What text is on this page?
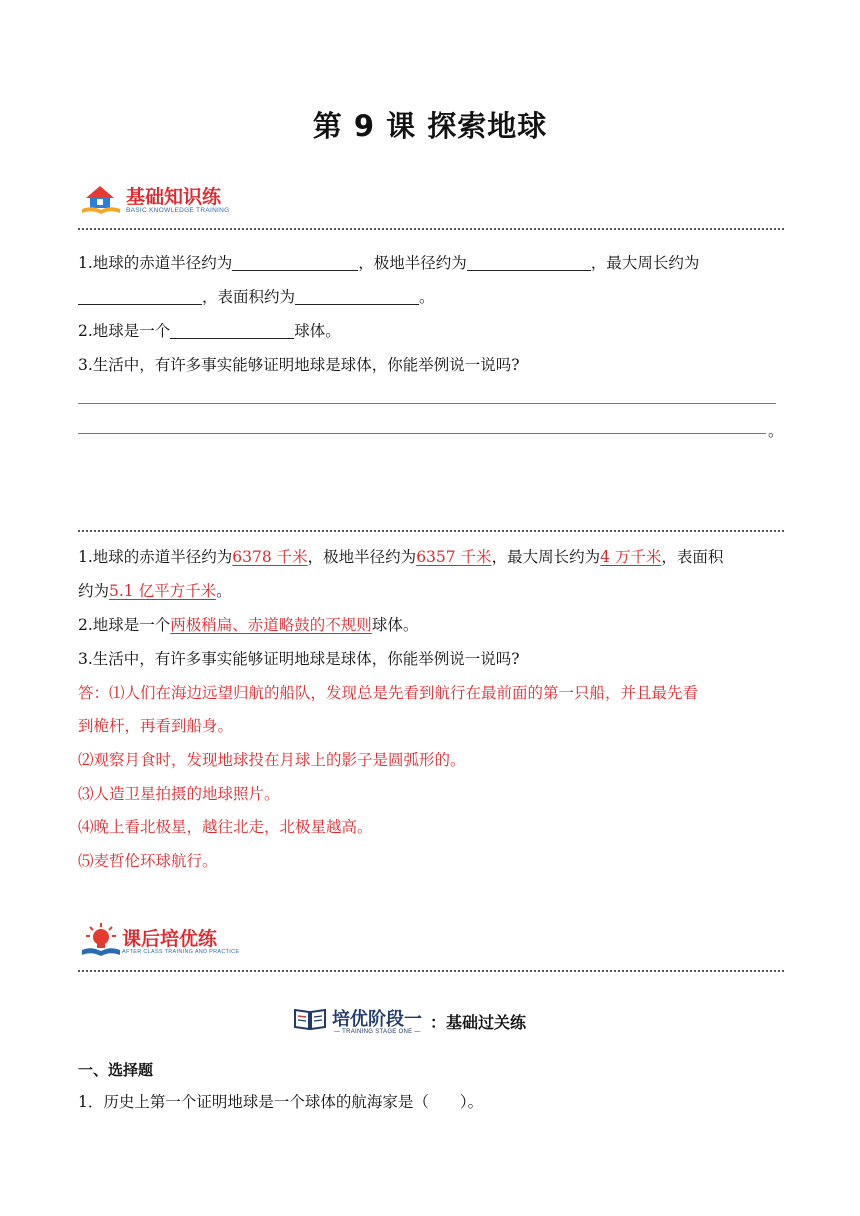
第 9 课 探索地球
基础知识练
BASIC KNOWLEDGE TRAINING
1.地球的赤道半径约为	，极地半径约为	，最大周长约为
，表面积约为	。
2.地球是一个	球体。
3.生活中，有许多事实能够证明地球是球体，你能举例说一说吗?
。
1.地球的赤道半径约为6378 千米，极地半径约为6357 千米，最大周长约为4 万千米，表面积
约为5.1 亿平方千米。
2.地球是一个两极稍扁、赤道略鼓的不规则球体。
3.生活中，有许多事实能够证明地球是球体，你能举例说一说吗?
答：⑴人们在海边远望归航的船队，发现总是先看到航行在最前面的第一只船，并且最先看
到桅杆，再看到船身。
⑵观察月食时，发现地球投在月球上的影子是圆弧形的。
⑶人造卫星拍摄的地球照片。
⑷晚上看北极星，越往北走，北极星越高。
⑸麦哲伦环球航行。
课后培优练
AFTER CLASS TRAINING AND PRACTICE
培优阶段一
— TRAINING STAGE ONE — ：基础过关练
一、选择题
1．历史上第一个证明地球是一个球体的航海家是（　　）。
